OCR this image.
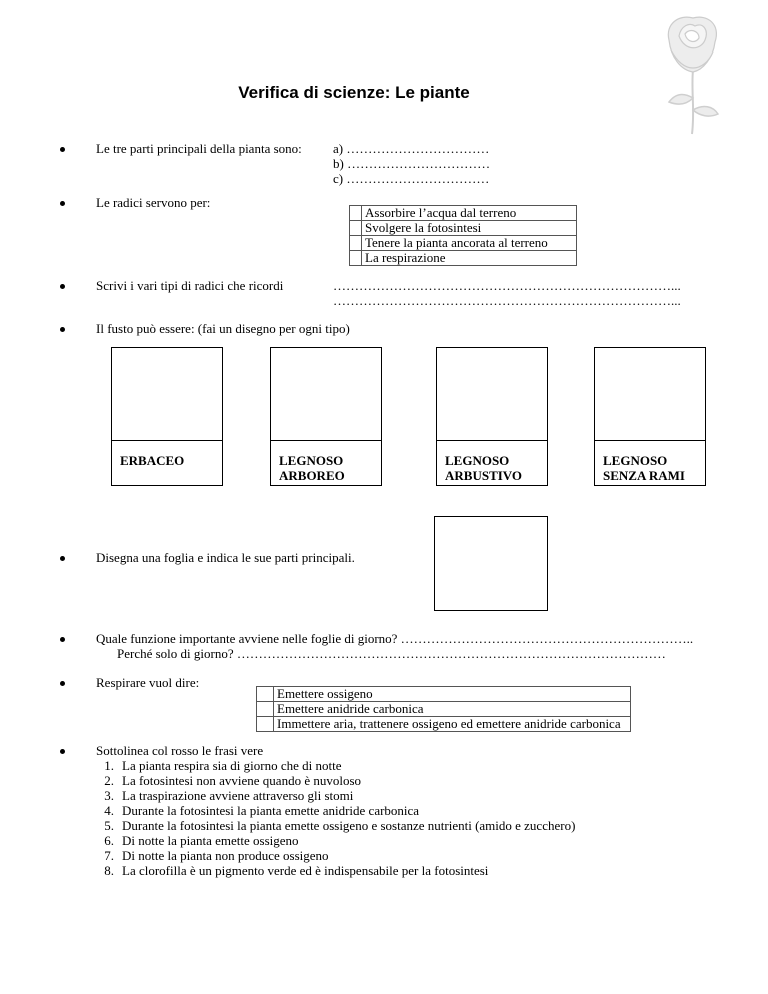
Verifica di scienze: Le piante
Le tre parti principali della pianta sono: a) ……………………………
b) ……………………………
c) ……………………………
Le radici servono per:
	Assorbire l’acqua dal terreno
	Svolgere la fotosintesi
	Tenere la pianta ancorata al terreno
	La respirazione
Scrivi i vari tipi di radici che ricordi	……………………………………………………………………...
……………………………………………………………………...
Il fusto può essere: (fai un disegno per ogni tipo)
ERBACEO	LEGNOSO
ARBOREO
LEGNOSO
ARBUSTIVO
LEGNOSO
SENZA RAMI
Disegna una foglia e indica le sue parti principali.
Quale funzione importante avviene nelle foglie di giorno? …………………………………………………………..
Perché solo di giorno? ………………………………………………………………………………………
Respirare vuol dire:
	Emettere ossigeno
	Emettere anidride carbonica
	Immettere aria, trattenere ossigeno ed emettere anidride carbonica
Sottolinea col rosso le frasi vere
1. La pianta respira sia di giorno che di notte
2. La fotosintesi non avviene quando è nuvoloso
3. La traspirazione avviene attraverso gli stomi
4. Durante la fotosintesi la pianta emette anidride carbonica
5. Durante la fotosintesi la pianta emette ossigeno e sostanze nutrienti (amido e zucchero)
6. Di notte la pianta emette ossigeno
7. Di notte la pianta non produce ossigeno
8. La clorofilla è un pigmento verde ed è indispensabile per la fotosintesi
